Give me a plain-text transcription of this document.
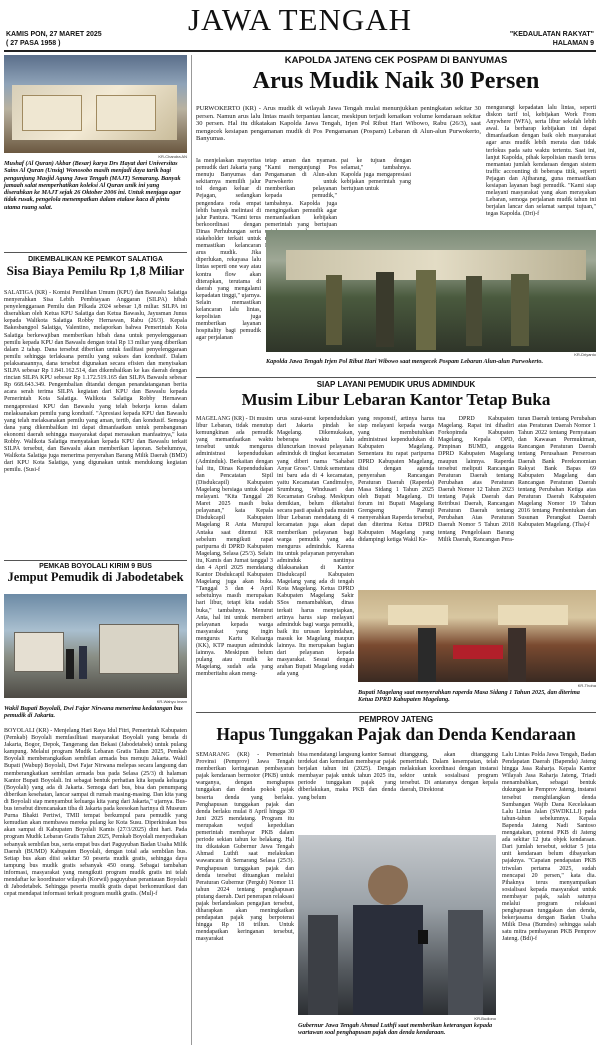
KAMIS PON, 27 MARET 2025
( 27 PASA 1958 )
JAWA TENGAH	"KEDAULATAN RAKYAT"
HALAMAN 9
KR-Chandra AN
Mushaf (Al Quran) Akbar (Besar) karya Drs Hayat dari Universitas Sains Al Quran (Unsiq) Wonosobo masih menjadi daya tarik bagi pengunjung Masjid Agung Jawa Tengah (MAJT) Semarang. Banyak jamaah salat memperhatikan koleksi Al Quran unik ini yang diserahkan ke MAJT sejak 26 Oktober 2006 ini. Untuk menjaga agar tidak rusak, pengelola menempatkan dalam etalase kaca di pintu utama ruang salat.
DIKEMBALIKAN KE PEMKOT SALATIGA
Sisa Biaya Pemilu Rp 1,8 Miliar
SALATIGA (KR) - Komisi Pemilihan Umum (KPU) dan Bawaslu Salatiga menyerahkan Sisa Lebih Pembiayaan Anggaran (SILPA) hibah penyelenggaraan Pemilu dan Pilkada 2024 sebesar 1,8 miliar. SILPA ini diserahkan oleh Ketua KPU Salatiga dan Ketua Bawaslu, Jayusman Junus kepada Walikota Salatiga Robby Hernawan, Rabu (26/3). Kepala Bakesbangpol Salatiga, Valentino, melaporkan bahwa Pemerintah Kota Salatiga berkewajiban memberikan hibah dana untuk penyelenggaraan pemilu kepada KPU dan Bawaslu dengan total Rp 13 miliar yang diberikan dalam 2 tahap. Dana tersebut diberikan untuk fasilitasi penyelenggaraan pemilu sehingga terlaksana pemilu yang sukses dan kondusif. Dalam pelaksanaannya, dana tersebut digunakan secara efisien dan menyisakan SILPA sebesar Rp 1.841.162.514, dan dikembalikan ke kas daerah dengan rincian SILPA KPU sebesar Rp 1.172.519.165 dan SILPA Bawaslu sebesar Rp 668.643.349. Pengembalian ditandai dengan penandatanganan berita acara serah terima SILPA kegiatan dari KPU dan Bawaslu kepada Pemerintah Kota Salatiga. Walikota Salatiga Robby Hernawan mengapresiasi KPU dan Bawaslu yang telah bekerja keras dalam melaksanakan pemilu yang kondusif. "Apresiasi kepada KPU dan Bawaslu yang telah melaksanakan pemilu yang aman, tertib, dan kondusif. Semoga dana yang dikembalikan ini dapat dimanfaatkan untuk pembangunan ekonomi daerah sehingga masyarakat dapat merasakan manfaatnya," kata Robby. Walikota Salatiga menyatakan kepada KPU dan Bawaslu terkait SILPA tersebut, dan Bawaslu akan memberikan laporan. Sebelumnya, Walikota Salatiga juga menerima penyerahan Barang Milik Daerah (BMD) dari KPU Kota Salatiga, yang digunakan untuk mendukung kegiatan pemilu. (Susi-f
PEMKAB BOYOLALI KIRIM 9 BUS
Jemput Pemudik di Jabodetabek
KR-Wahyu Imam
Wakil Bupati Boyolali, Dwi Fajar Nirwana menerima kedatangan bus pemudik di Jakarta.
BOYOLALI (KR) - Menjelang Hari Raya Idul Fitri, Pemerintah Kabupaten (Pemkab) Boyolali memfasilitasi masyarakat Boyolali yang berada di Jakarta, Bogor, Depok, Tangerang dan Bekasi (Jabodetabek) untuk pulang kampung. Melalui program Mudik Lebaran Gratis Tahun 2025, Pemkab Boyolali memberangkatkan sembilan armada bus menuju Jakarta. Wakil Bupati (Wabup) Boyolali, Dwi Fajar Nirwana melepas secara langsung dan memberangkatkan sembilan armada bus pada Selasa (25/3) di halaman Kantor Bupati Boyolali. Ini sebagai bentuk perhatian kita kepada keluarga (Boyolali) yang ada di Jakarta. Semoga dari bus, bisa dan penumpang diberikan kesehatan, lancar sampai di rumah masing-masing. Dan kita yang di Boyolali siap menyambut keluarga kita yang dari Jakarta," ujarnya. Bus-bus tersebut direncanakan tiba di Jakarta pada keesokan harinya di Museum Purna Bhakti Pertiwi, TMII tempat berkumpul para pemudik yang kemudian akan membawa mereka pulang ke Kota Susu. Diperkirakan bus akan sampai di Kabupaten Boyolali Kamis (27/3/2025) dini hari. Pada program Mudik Lebaran Gratis Tahun 2025, Pemkab Boyolali menyediakan sebanyak sembilan bus, serta empat bus dari Paguyuban Badan Usaha Milik Daerah (BUMD) Kabupaten Boyolali, dengan total ada sembilan bus. Setiap bus akan diisi sekitar 50 peserta mudik gratis, sehingga daya tampung bus mudik gratis sebanyak 450 orang. Sebagai tambahan informasi, masyarakat yang mengikuti program mudik gratis ini telah mendaftar ke koordinator wilayah (Korwil) paguyuban perantauan Boyolali di Jabodetabek. Sehingga peserta mudik gratis dapat berkomunikasi dan cepat mendapat informasi terkait program mudik gratis. (Mul)-f
KAPOLDA JATENG CEK POSPAM DI BANYUMAS
Arus Mudik Naik 30 Persen
PURWOKERTO (KR) - Arus mudik di wilayah Jawa Tengah mulai menunjukkan peningkatan sekitar 30 persen. Namun arus lalu lintas masih terpantau lancar, meskipun terjadi kenaikan volume kendaraan sekitar 30 persen. Hal itu dikatakan Kapolda Jawa Tengah, Irjen Pol Ribut Hari Wibowo, Rabu (26/3), saat mengecek kesiapan pengamanan mudik di Pos Pengamanan (Pospam) Lebaran di Alun-alun Purwokerto, Banyumas.
mengurangi kepadatan lalu lintas, seperti diskon tarif tol, kebijakan Work From Anywhere (WFA), serta libur sekolah lebih awal. Ia berharap kebijakan ini dapat dimanfaatkan dengan baik oleh masyarakat agar arus mudik lebih merata dan tidak terfokus pada satu waktu tertentu. Saat ini, lanjut Kapolda, pihak kepolisian masih terus memantau jumlah kendaraan dengan sistem traffic accounting di beberapa titik, seperti Pejagan dan Ajibarang, guna memastikan kesiapan layanan bagi pemudik. "Kami siap melayani masyarakat yang akan merayakan Lebaran, semoga perjalanan mudik tahun ini berjalan lancar dan selamat sampai tujuan," tegas Kapolda. (Dri)-f
Ia menjelaskan mayoritas pemudik dari Jakarta yang menuju Banyumas dan sekitarnya memilih jalur tol dengan keluar di Pejagan, sedangkan pengendara roda empat lebih banyak melintasi di jalur Pantura. "Kami terus berkoordinasi dengan Dinas Perhubungan serta stakeholder terkait untuk memastikan kelancaran arus mudik. Jika diperlukan, rekayasa lalu lintas seperti one way atau kontra flow akan diterapkan, terutama di daerah yang mengalami kepadatan tinggi," ujarnya. Selain memastikan kelancaran lalu lintas, kepolisian juga memberikan layanan hospitality bagi pemudik agar perjalanan
tetap aman dan nyaman. "Kami mengunjungi Pos Pengamanan di Alun-alun Purwokerto untuk memberikan pelayanan kepada pemudik," tambahnya. Kapolda juga mengingatkan pemudik agar memanfaatkan kebijakan pemerintah yang bertujuan
pai ke tujuan dengan selamat," tambahnya. Kapolda juga mengapresiasi kebijakan pemerintah yang bertujuan untuk
KR-Driyanto
Kapolda Jawa Tengah Irjen Pol Ribut Hari Wibowo saat mengecek Pospam Lebaran Alun-alun Purwokerto.
SIAP LAYANI PEMUDIK URUS ADMINDUK
Musim Libur Lebaran Kantor Tetap Buka
MAGELANG (KR) - Di musim libur Lebaran, tidak menutup kemungkinan ada pemudik yang memanfaatkan waktu tersebut untuk mengurus administrasi kependudukan (Adminduk). Berkaitan dengan hal itu, Dinas Kependudukan dan Pencatatan Sipil (Disdukcapil) Kabupaten Magelang bersiaga untuk dapat melayani. "Kita Tanggal 28 Maret 2025 masih buka pelayanan," kata Kepala Disdukcapil Kabupaten Magelang R Anta Murupul Antaka saat ditemui KR sebelum mengikuti rapat paripurna di DPRD Kabupaten Magelang, Selasa (25/3). Selain itu, Kamis dan Jumat tanggal 3 dan 4 April 2025 mendatang Kantor Disdukcapil Kabupaten Magelang juga akan buka. "Tanggal 3 dan 4 April sebetulnya masih merupakan hari libur, tetapi kita sudah buka," tambahnya. Menurut Anta, hal ini untuk memberi pelayanan kepada warga masyarakat yang ingin mengurus Kartu Keluarga (KK), KTP maupun adminduk lainnya. Meskipun belum pulang atau mudik ke Magelang, sudah ada yang memberitahu akan meng-
urus surat-surat kependudukan dari Jakarta pindah ke Magelang. Dikemukakan, beberapa waktu lalu diluncurkan inovasi pelayanan adminduk di tingkat kecamatan yang diberi nama "Sahabat Anyar Gross". Untuk sementara ini baru ada di 4 kecamatan, yaitu Kecamatan Candimulyo, Srumbung, Windusari dan Kecamatan Grabag. Meskipun demikian, belum diketahui secara pasti apakah pada musim libur Lebaran mendatang di 4 kecamatan juga akan dapat memberikan pelayanan bagi warga pemudik yang ada mengurus adminduk. Karena itu untuk pelayanan penyerahan adminduk nantinya dilaksanakan di Kantor Disdukcapil Kabupaten Magelang yang ada di tengah Kota Magelang. Ketua DPRD Kabupaten Magelang Sakir SSos menambahkan, dinas terkait harus menyiapkan, artinya harus siap melayani adminduk bagi warga pemudik, baik itu urusan kepindahan, masuk ke Magelang maupun lainnya. Itu merupakan bagian dari pelayanan kepada masyarakat. Sesuai dengan arahan Bupati Magelang sudah ada yang
yang responsif, artinya harus siap melayani kepada warga yang membutuhkan administrasi kependudukan di Kabupaten Magelang. Sementara itu rapat paripurna DPRD Kabupaten Magelang, diisi dengan agenda penyerahan Rancangan Peraturan Daerah (Raperda) Masa Sidang 1 Tahun 2025 oleh Bupati Magelang. Di forum ini Bupati Magelang Grengseng Pamuji menyerahkan Raperda tersebut, dan diterima Ketua DPRD Kabupaten Magelang yang didampingi ketiga Wakil Ke-
tua DPRD Kabupaten Magelang. Rapat ini dihadiri Forkopimda Kabupaten Magelang, Kepala OPD, Pimpinan BUMD, anggota DPRD Kabupaten Magelang maupun lainnya. Raperda tersebut meliputi Rancangan Peraturan Daerah tentang Perubahan atas Peraturan Daerah Nomor 12 Tahun 2023 tentang Pajak Daerah dan Retribusi Daerah, Rancangan Peraturan Daerah tentang Perubahan Atas Peraturan Daerah Nomor 5 Tahun 2018 tentang Pengelolaan Barang Milik Daerah, Rancangan Pera-
turan Daerah tentang Perubahan atas Peraturan Daerah Nomor 1 Tahun 2022 tentang Pernyataan dan Kawasan Permukiman, Rancangan Peraturan Daerah tentang Perusahaan Perseroan Daerah Bank Perekonomian Rakyat Bank Bapas 69 Kabupaten Magelang dan Rancangan Peraturan Daerah tentang Perubahan Ketiga atas Peraturan Daerah Kabupaten Magelang Nomor 19 Tahun 2016 tentang Pembentukan dan Susunan Perangkat Daerah Kabupaten Magelang. (Tha)-f
KR-Thoha
Bupati Magelang saat menyerahkan raperda Masa Sidang 1 Tahun 2025, dan diterima Ketua DPRD Kabupaten Magelang.
PEMPROV JATENG
Hapus Tunggakan Pajak dan Denda Kendaraan
SEMARANG (KR) - Pemerintah Provinsi (Pemprov) Jawa Tengah memberikan keringanan pembayaran pajak kendaraan bermotor (PKB) untuk warganya, dengan menghapus tunggakan dan denda pokok pajak beserta denda yang berlaku. Penghapusan tunggakan pajak dan denda berlaku mulai 8 April hingga 30 Juni 2025 mendatang. Program itu merupakan wujud kepedulian pemerintah membayar PKB dalam periode sekian tahun ke belakang. Hal itu dikatakan Gubernur Jawa Tengah Ahmad Luthfi saat melakukan wawancara di Semarang Selasa (25/3). Penghapusan tunggakan pajak dan denda tersebut dituangkan melalui Peraturan Gubernur (Pergub) Nomor 11 tahun 2024 tentang penghapusan piutang daerah. Dari penerapan relaksasi pajak berlandaskan pengajian tersebut, diharapkan akan meningkatkan pendapatan pajak yang berpotensi hingga Rp 18 triliun. Untuk mendapatkan keringanan tersebut, masyarakat
bisa mendatangi langsung kantor Samsat terdekat dan kemudian membayar pajak berjalan tahun ini (2025). Dengan membayar pajak untuk tahun 2025 itu, periode tunggakan pajak yang diberlakukan, maka PKB dan denda yang belum
ditanggung, akan ditanggung pemerintah. Dalam kesempatan, telah melakukan koordinasi dengan instansi sektor untuk sosialisasi program tersebut. Di antaranya dengan kepala daerah, Direktorat
Lalu Lintas Polda Jawa Tengah, Badan Pendapatan Daerah (Bapenda) Jateng hingga Jasa Raharja. Kepala Kantor Wilayah Jasa Raharja Jateng, Triadi menambahkan, sebagai bentuk dukungan ke Pemprov Jateng, instansi tersebut menghilangkan denda Sumbangan Wajib Dana Kecelakaan Lalu Lintas Jalan (SWDKLLJ) pada tahun-tahun sebelumnya. Kepala Bapenda Jateng Nadi Santoso mengatakan, potensi PKB di Jateng ada sekitar 12 juta objek kendaraan. Dari jumlah tersebut, sekitar 5 juta unit kendaraan belum dibayarkan pajaknya. "Capaian pendapatan PKB triwulan pertama 2025, sudah mencapai 20 persen," kata dia. Pihaknya terus menyampaikan sosialisasi kepada masyarakat untuk membayar pajak, salah satunya melalui program relaksasi penghapusan tunggakan dan denda, bekerjasama dengan Badan Usaha Milik Desa (Bumdes) sehingga salah satu mitra pembayaran PKB Pemprov Jateng. (Bdi)-f
KR-Budiono
Gubernur Jawa Tengah Ahmad Luthfi saat memberikan keterangan kepada wartawan soal penghapusan pajak dan denda kendaraan.
